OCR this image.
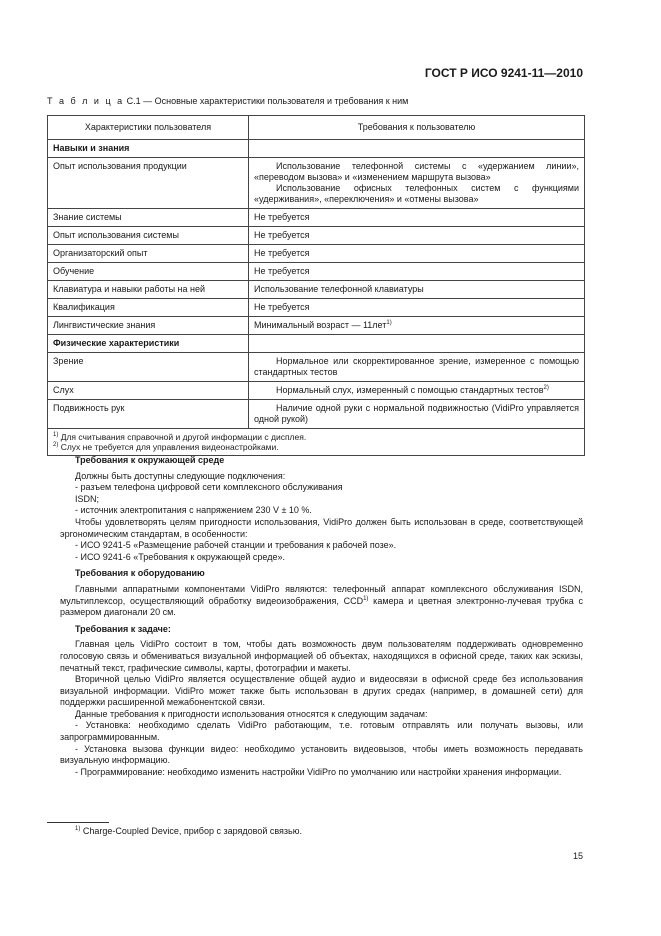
ГОСТ Р ИСО 9241-11—2010
Т а б л и ц а С.1 — Основные характеристики пользователя и требования к ним
Характеристики пользователя	Требования к пользователю
Навыки и знания	
Опыт использования продукции	Использование телефонной системы с «удержанием линии», «переводом вызова» и «изменением маршрута вызова»
Использование офисных телефонных систем с функциями «удерживания», «переключения» и «отмены вызова»

Знание системы	Не требуется
Опыт использования системы	Не требуется
Организаторский опыт	Не требуется
Обучение	Не требуется
Клавиатура и навыки работы на ней	Использование телефонной клавиатуры
Квалификация	Не требуется
Лингвистические знания	Минимальный возраст — 11лет$^{1)}$
Физические характеристики	
Зрение	Нормальное или скорректированное зрение, измеренное с помощью стандартных тестов

Слух	Нормальный слух, измеренный с помощью стандартных тестов$^{2)}$

Подвижность рук	Наличие одной руки с нормальной подвижностью (VidiPro управляется одной рукой)

$^{1)}$ Для считывания справочной и другой информации с дисплея.
$^{2)}$ Слух не требуется для управления видеонастройками.	

Требования к окружающей среде

Должны быть доступны следующие подключения:

- разъем телефона цифровой сети комплексного обслуживания

ISDN;

- источник электропитания с напряжением 230 V ± 10 %.

Чтобы удовлетворять целям пригодности использования, VidiPro должен быть использован в среде, соответствующей эргономическим стандартам, в особенности:

- ИСО 9241-5 «Размещение рабочей станции и требования к рабочей позе».

- ИСО 9241-6 «Требования к окружающей среде».

Требования к оборудованию

Главными аппаратными компонентами VidiPro являются: телефонный аппарат комплексного обслуживания ISDN, мультиплексор, осуществляющий обработку видеоизображения, CCD$^{1)}$ камера и цветная электронно-лучевая трубка с размером диагонали 20 см.

Требования к задаче:

Главная цель VidiPro состоит в том, чтобы дать возможность двум пользователям поддерживать одновременно голосовую связь и обмениваться визуальной информацией об объектах, находящихся в офисной среде, таких как эскизы, печатный текст, графические символы, карты, фотографии и макеты.

Вторичной целью VidiPro является осуществление общей аудио и видеосвязи в офисной среде без использования визуальной информации. VidiPro может также быть использован в других средах (например, в домашней сети) для поддержки расширенной межабонентской связи.

Данные требования к пригодности использования относятся к следующим задачам:

- Установка: необходимо сделать VidiPro работающим, т.е. готовым отправлять или получать вызовы, или запрограммированным.

- Установка вызова функции видео: необходимо установить видеовызов, чтобы иметь возможность передавать визуальную информацию.

- Программирование: необходимо изменить настройки VidiPro по умолчанию или настройки хранения информации.

$^{1)}$ Charge-Coupled Device, прибор с зарядовой связью.
15
